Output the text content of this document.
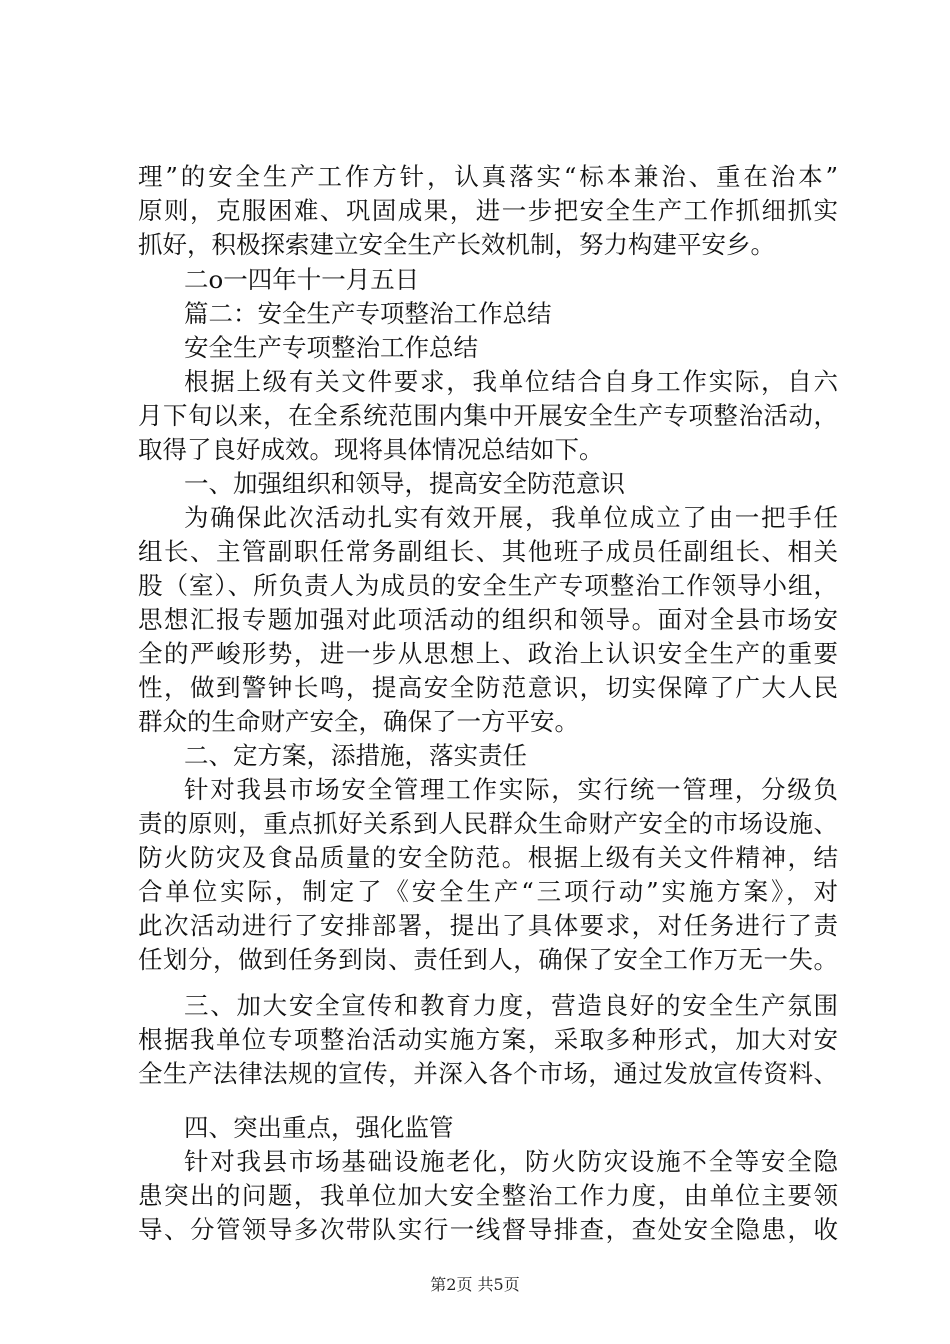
理”的安全生产工作方针，认真落实“标本兼治、重在治本”
原则，克服困难、巩固成果，进一步把安全生产工作抓细抓实
抓好，积极探索建立安全生产长效机制，努力构建平安乡。
二o一四年十一月五日
篇二：安全生产专项整治工作总结
安全生产专项整治工作总结
根据上级有关文件要求，我单位结合自身工作实际，自六
月下旬以来，在全系统范围内集中开展安全生产专项整治活动，
取得了良好成效。现将具体情况总结如下。
一、加强组织和领导，提高安全防范意识
为确保此次活动扎实有效开展，我单位成立了由一把手任
组长、主管副职任常务副组长、其他班子成员任副组长、相关
股（室）、所负责人为成员的安全生产专项整治工作领导小组，
思想汇报专题加强对此项活动的组织和领导。面对全县市场安
全的严峻形势，进一步从思想上、政治上认识安全生产的重要
性，做到警钟长鸣，提高安全防范意识，切实保障了广大人民
群众的生命财产安全，确保了一方平安。
二、定方案，添措施，落实责任
针对我县市场安全管理工作实际，实行统一管理，分级负
责的原则，重点抓好关系到人民群众生命财产安全的市场设施、
防火防灾及食品质量的安全防范。根据上级有关文件精神，结
合单位实际，制定了《安全生产“三项行动”实施方案》，对
此次活动进行了安排部署，提出了具体要求，对任务进行了责
任划分，做到任务到岗、责任到人，确保了安全工作万无一失。
三、加大安全宣传和教育力度，营造良好的安全生产氛围
根据我单位专项整治活动实施方案，采取多种形式，加大对安
全生产法律法规的宣传，并深入各个市场，通过发放宣传资料、
四、突出重点，强化监管
针对我县市场基础设施老化，防火防灾设施不全等安全隐
患突出的问题，我单位加大安全整治工作力度，由单位主要领
导、分管领导多次带队实行一线督导排查，查处安全隐患，收
第2页 共5页
